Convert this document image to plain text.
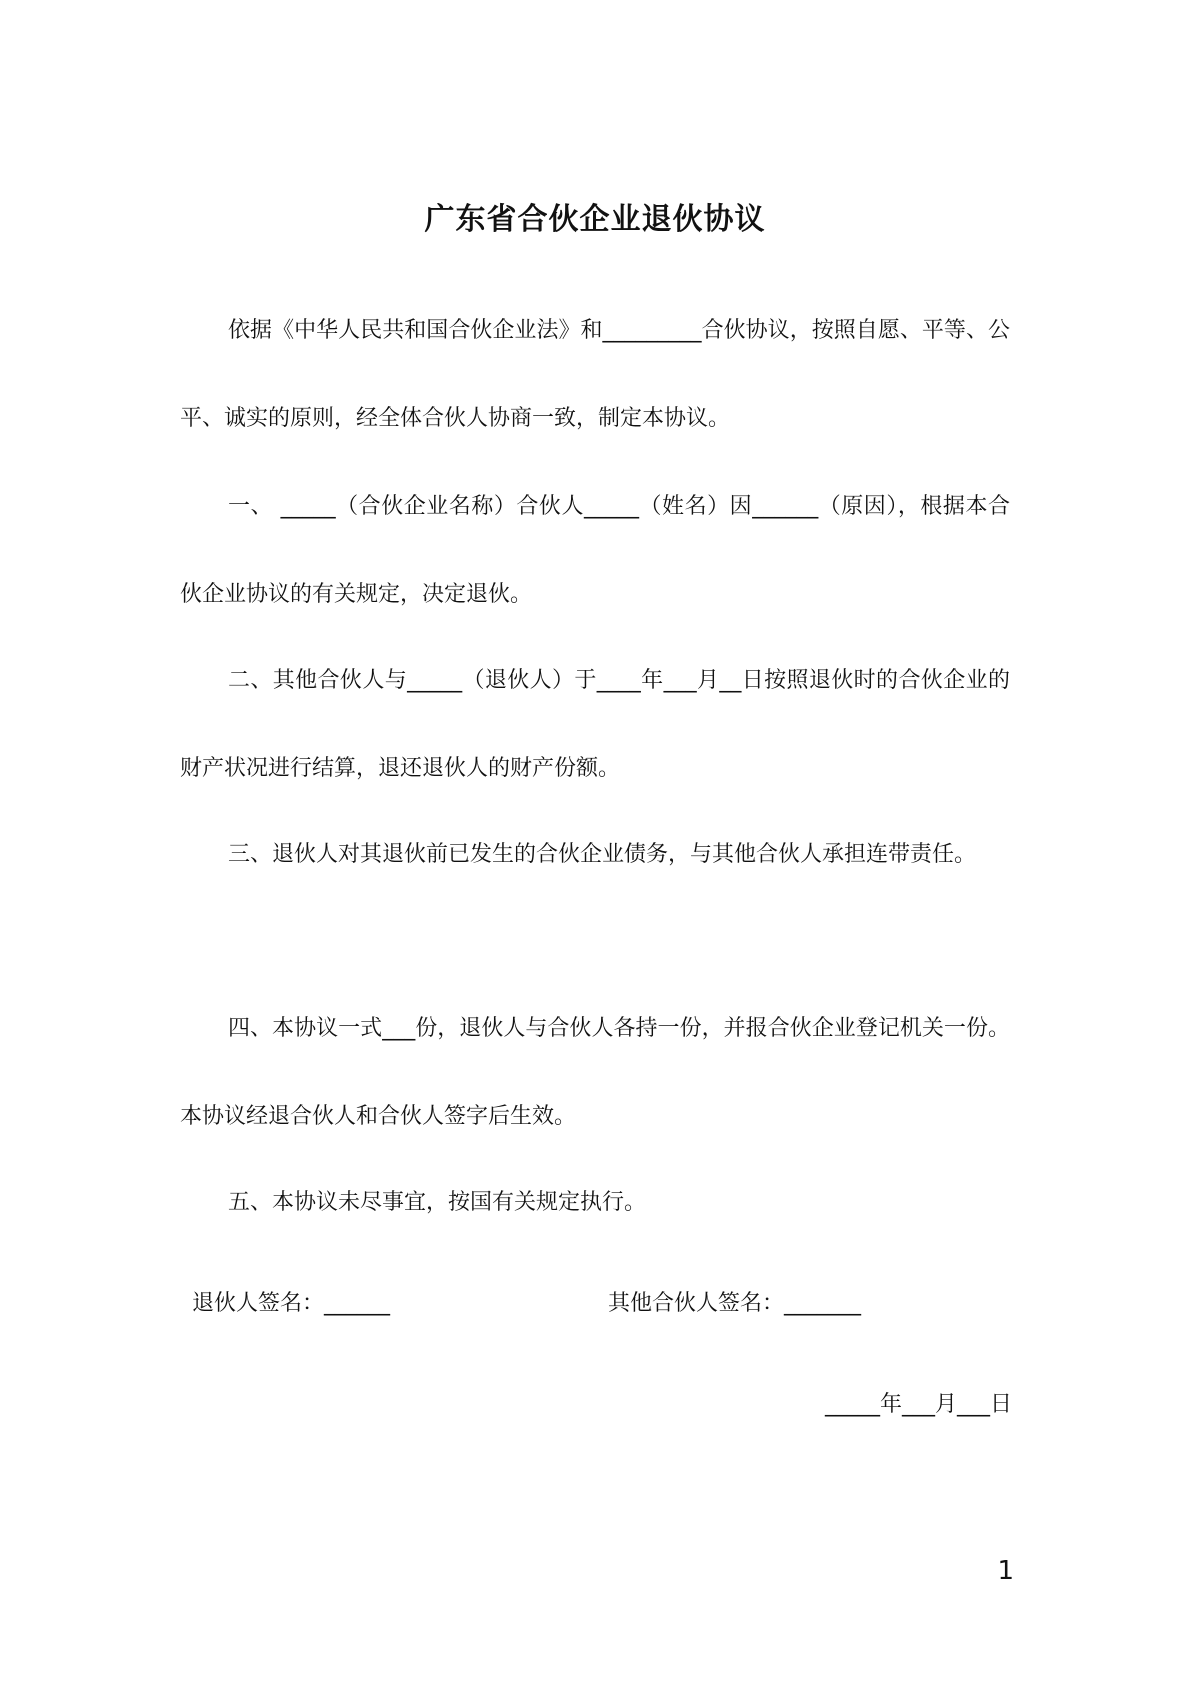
广东省合伙企业退伙协议

依据《中华人民共和国合伙企业法》和_________合伙协议，按照自愿、平等、公平、诚实的原则，经全体合伙人协商一致，制定本协议。

一、 _____（合伙企业名称）合伙人_____（姓名）因______（原因），根据本合伙企业协议的有关规定，决定退伙。

二、其他合伙人与_____（退伙人）于____年___月__日按照退伙时的合伙企业的财产状况进行结算，退还退伙人的财产份额。

三、退伙人对其退伙前已发生的合伙企业债务，与其他合伙人承担连带责任。

四、本协议一式___份，退伙人与合伙人各持一份，并报合伙企业登记机关一份。本协议经退合伙人和合伙人签字后生效。

五、本协议未尽事宜，按国有关规定执行。

退伙人签名：______	其他合伙人签名：_______
_____年___月___日
1
